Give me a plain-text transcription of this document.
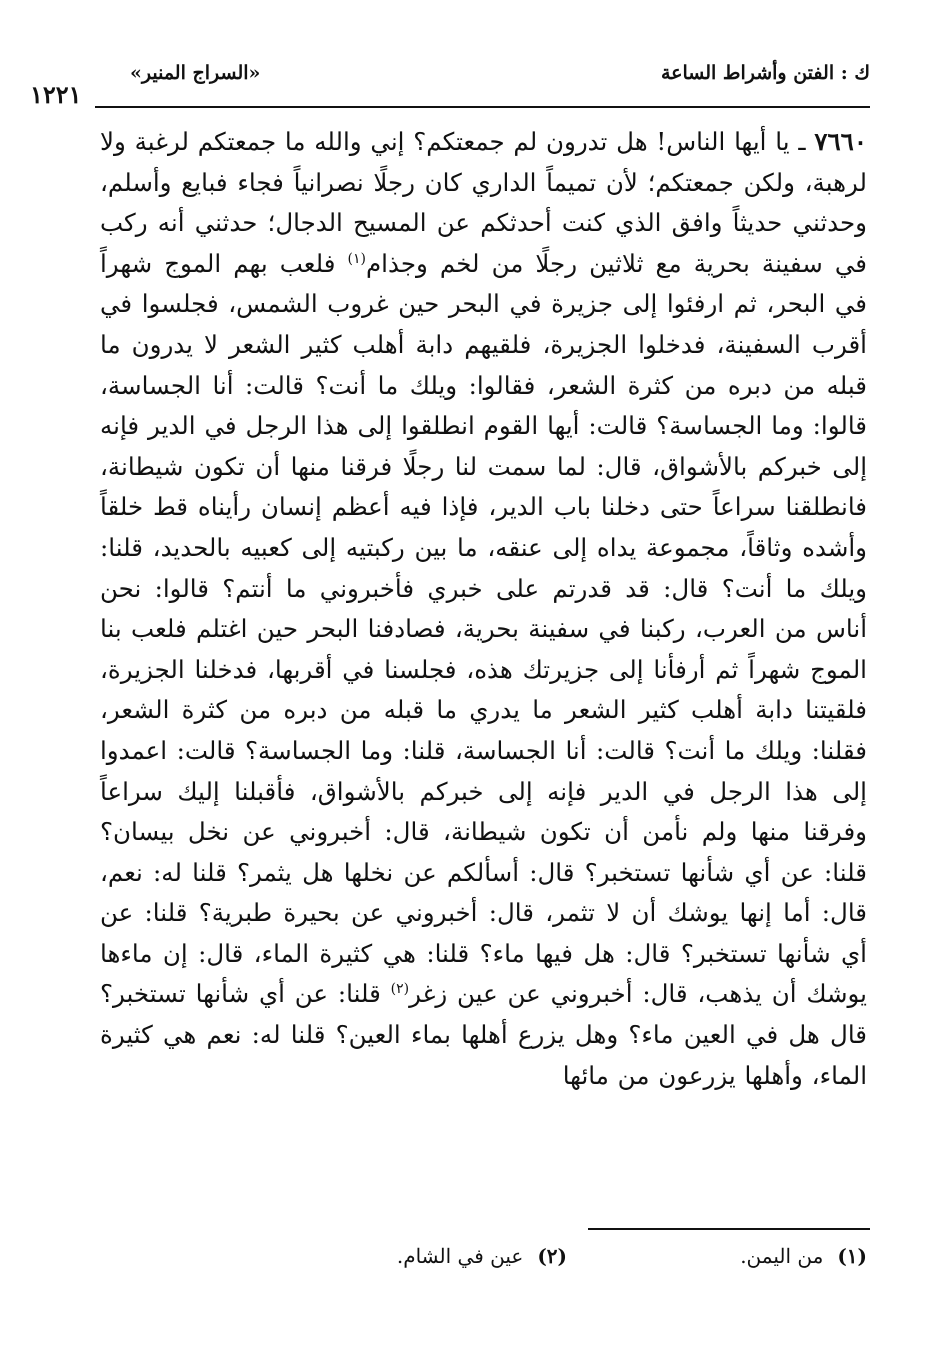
ك : الفتن وأشراط الساعة
«السراج المنير»
١٢٢١
٧٦٦٠ ـ يا أيها الناس! هل تدرون لم جمعتكم؟ إني والله ما جمعتكم لرغبة ولا لرهبة، ولكن جمعتكم؛ لأن تميماً الداري كان رجلًا نصرانياً فجاء فبايع وأسلم، وحدثني حديثاً وافق الذي كنت أحدثكم عن المسيح الدجال؛ حدثني أنه ركب في سفينة بحرية مع ثلاثين رجلًا من لخم وجذام$^{(١)}$ فلعب بهم الموج شهراً في البحر، ثم ارفئوا إلى جزيرة في البحر حين غروب الشمس، فجلسوا في أقرب السفينة، فدخلوا الجزيرة، فلقيهم دابة أهلب كثير الشعر لا يدرون ما قبله من دبره من كثرة الشعر، فقالوا: ويلك ما أنت؟ قالت: أنا الجساسة، قالوا: وما الجساسة؟ قالت: أيها القوم انطلقوا إلى هذا الرجل في الدير فإنه إلى خبركم بالأشواق، قال: لما سمت لنا رجلًا فرقنا منها أن تكون شيطانة، فانطلقنا سراعاً حتى دخلنا باب الدير، فإذا فيه أعظم إنسان رأيناه قط خلقاً وأشده وثاقاً، مجموعة يداه إلى عنقه، ما بين ركبتيه إلى كعبيه بالحديد، قلنا: ويلك ما أنت؟ قال: قد قدرتم على خبري فأخبروني ما أنتم؟ قالوا: نحن أناس من العرب، ركبنا في سفينة بحرية، فصادفنا البحر حين اغتلم فلعب بنا الموج شهراً ثم أرفأنا إلى جزيرتك هذه، فجلسنا في أقربها، فدخلنا الجزيرة، فلقيتنا دابة أهلب كثير الشعر ما يدري ما قبله من دبره من كثرة الشعر، فقلنا: ويلك ما أنت؟ قالت: أنا الجساسة، قلنا: وما الجساسة؟ قالت: اعمدوا إلى هذا الرجل في الدير فإنه إلى خبركم بالأشواق، فأقبلنا إليك سراعاً وفرقنا منها ولم نأمن أن تكون شيطانة، قال: أخبروني عن نخل بيسان؟ قلنا: عن أي شأنها تستخبر؟ قال: أسألكم عن نخلها هل يثمر؟ قلنا له: نعم، قال: أما إنها يوشك أن لا تثمر، قال: أخبروني عن بحيرة طبرية؟ قلنا: عن أي شأنها تستخبر؟ قال: هل فيها ماء؟ قلنا: هي كثيرة الماء، قال: إن ماءها يوشك أن يذهب، قال: أخبروني عن عين زغر$^{(٢)}$ قلنا: عن أي شأنها تستخبر؟ قال هل في العين ماء؟ وهل يزرع أهلها بماء العين؟ قلنا له: نعم هي كثيرة الماء، وأهلها يزرعون من مائها
(١)من اليمن.
(٢)عين في الشام.
